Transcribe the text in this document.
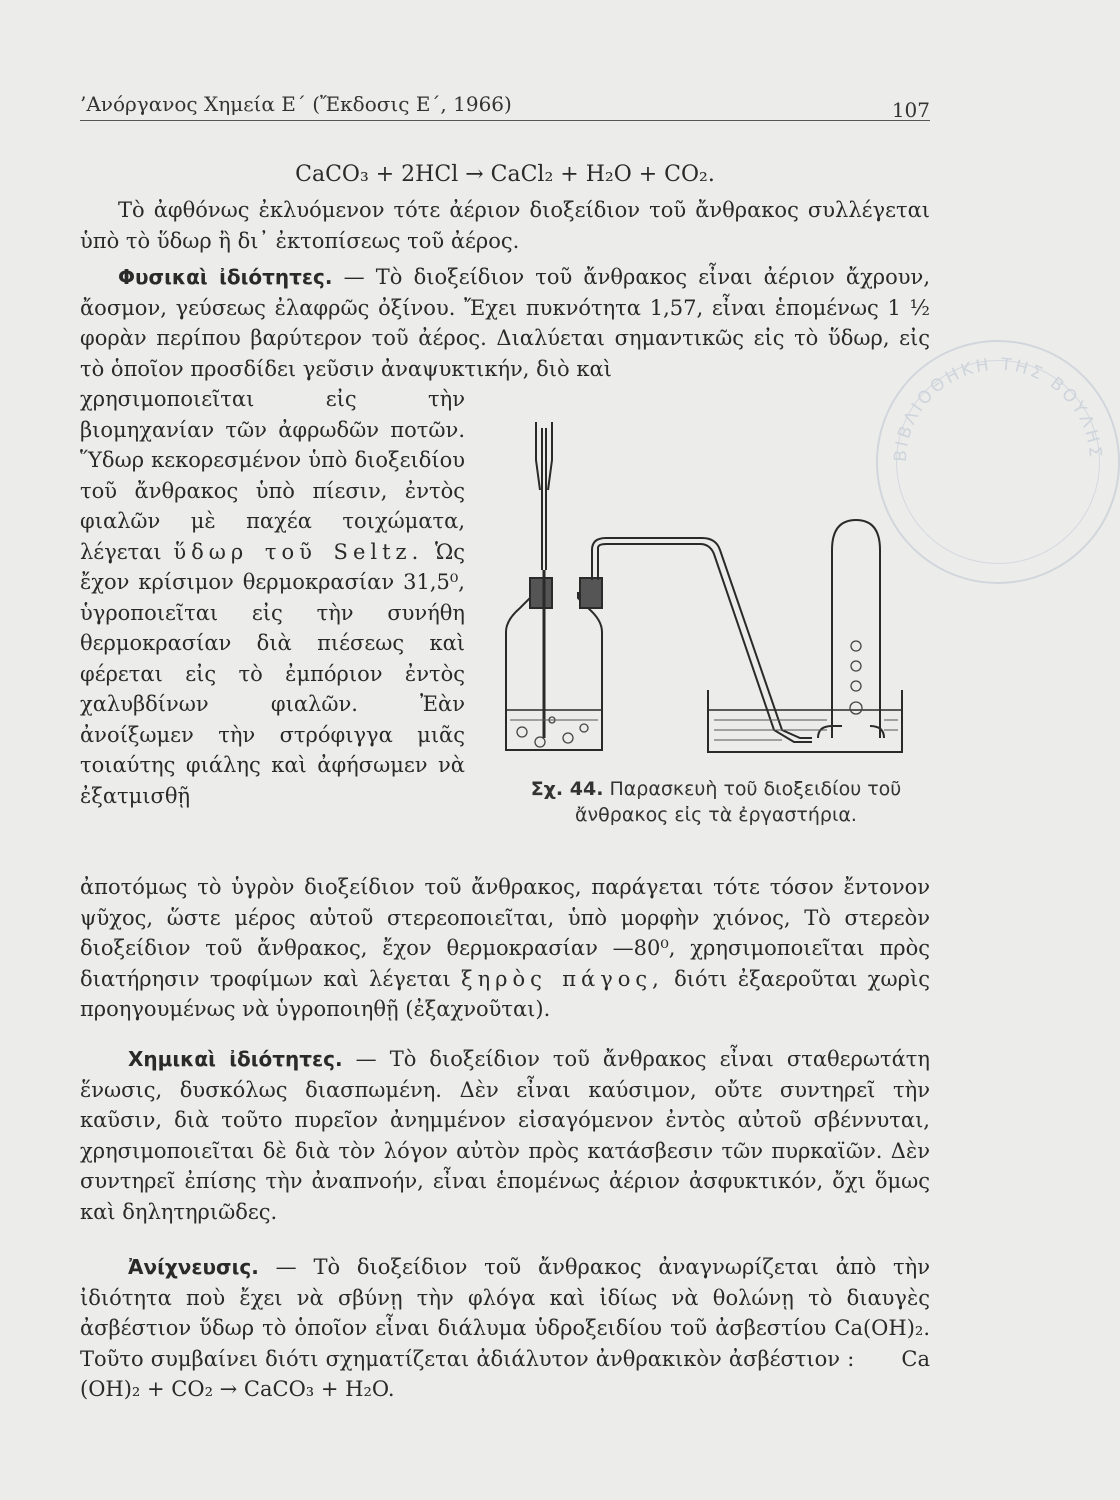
’Ανόργανος Χημεία Ε΄ (Ἔκδοσις Ε΄, 1966)	107
CaCO₃ + 2HCl → CaCl₂ + H₂O + CO₂.
Τὸ ἀφθόνως ἐκλυόμενον τότε ἀέριον διοξείδιον τοῦ ἄνθρακος συλλέγεται ὑπὸ τὸ ὕδωρ ἢ δι᾽ ἐκτοπίσεως τοῦ ἀέρος.
Φυσικαὶ ἰδιότητες. — Τὸ διοξείδιον τοῦ ἄνθρακος εἶναι ἀέριον ἄχρουν, ἄοσμον, γεύσεως ἐλαφρῶς ὀξίνου. Ἔχει πυκνότητα 1,57, εἶναι ἑπομένως 1 ½ φορὰν περίπου βαρύτερον τοῦ ἀέρος. Διαλύεται σημαντικῶς εἰς τὸ ὕδωρ, εἰς τὸ ὁποῖον προσδίδει γεῦσιν ἀναψυκτικήν, διὸ καὶ
χρησιμοποιεῖται εἰς τὴν βιομηχανίαν τῶν ἀφρωδῶν ποτῶν. Ὕδωρ κεκορεσμένον ὑπὸ διοξειδίου τοῦ ἄνθρακος ὑπὸ πίεσιν, ἐντὸς φιαλῶν μὲ παχέα τοιχώματα, λέγεται ὕδωρ τοῦ Seltz. Ὡς ἔχον κρίσιμον θερμοκρασίαν 31,5⁰, ὑγροποιεῖται εἰς τὴν συνήθη θερμοκρασίαν διὰ πιέσεως καὶ φέρεται εἰς τὸ ἐμπόριον ἐντὸς χαλυβδίνων φιαλῶν. Ἐὰν ἀνοίξωμεν τὴν στρόφιγγα μιᾶς τοιαύτης φιάλης καὶ ἀφήσωμεν νὰ ἐξατμισθῇ	Σχ. 44. Παρασκευὴ τοῦ διοξειδίου τοῦ ἄνθρακος εἰς τὰ ἐργαστήρια.
ἀποτόμως τὸ ὑγρὸν διοξείδιον τοῦ ἄνθρακος, παράγεται τότε τόσον ἔντονον ψῦχος, ὥστε μέρος αὐτοῦ στερεοποιεῖται, ὑπὸ μορφὴν χιόνος, Τὸ στερεὸν διοξείδιον τοῦ ἄνθρακος, ἔχον θερμοκρασίαν —80⁰, χρησιμοποιεῖται πρὸς διατήρησιν τροφίμων καὶ λέγεται ξηρὸς πάγος, διότι ἐξαεροῦται χωρὶς προηγουμένως νὰ ὑγροποιηθῇ (ἐξαχνοῦται).
Χημικαὶ ἰδιότητες. — Τὸ διοξείδιον τοῦ ἄνθρακος εἶναι σταθερωτάτη ἕνωσις, δυσκόλως διασπωμένη. Δὲν εἶναι καύσιμον, οὔτε συντηρεῖ τὴν καῦσιν, διὰ τοῦτο πυρεῖον ἀνημμένον εἰσαγόμενον ἐντὸς αὐτοῦ σβέννυται, χρησιμοποιεῖται δὲ διὰ τὸν λόγον αὐτὸν πρὸς κατάσβεσιν τῶν πυρκαϊῶν. Δὲν συντηρεῖ ἐπίσης τὴν ἀναπνοήν, εἶναι ἑπομένως ἀέριον ἀσφυκτικόν, ὄχι ὅμως καὶ δηλητηριῶδες.
Ἀνίχνευσις. — Τὸ διοξείδιον τοῦ ἄνθρακος ἀναγνωρίζεται ἀπὸ τὴν ἰδιότητα ποὺ ἔχει νὰ σβύνῃ τὴν φλόγα καὶ ἰδίως νὰ θολώνῃ τὸ διαυγὲς ἀσβέστιον ὕδωρ τὸ ὁποῖον εἶναι διάλυμα ὑδροξειδίου τοῦ ἀσβεστίου Ca(OH)₂. Τοῦτο συμβαίνει διότι σχηματίζεται ἀδιάλυτον ἀνθρακικὸν ἀσβέστιον : Ca (OH)₂ + CO₂ → CaCO₃ + H₂O.
ΒΙΒΛΙΟΘΗΚΗ ΤΗΣ ΒΟΥΛΗΣ
